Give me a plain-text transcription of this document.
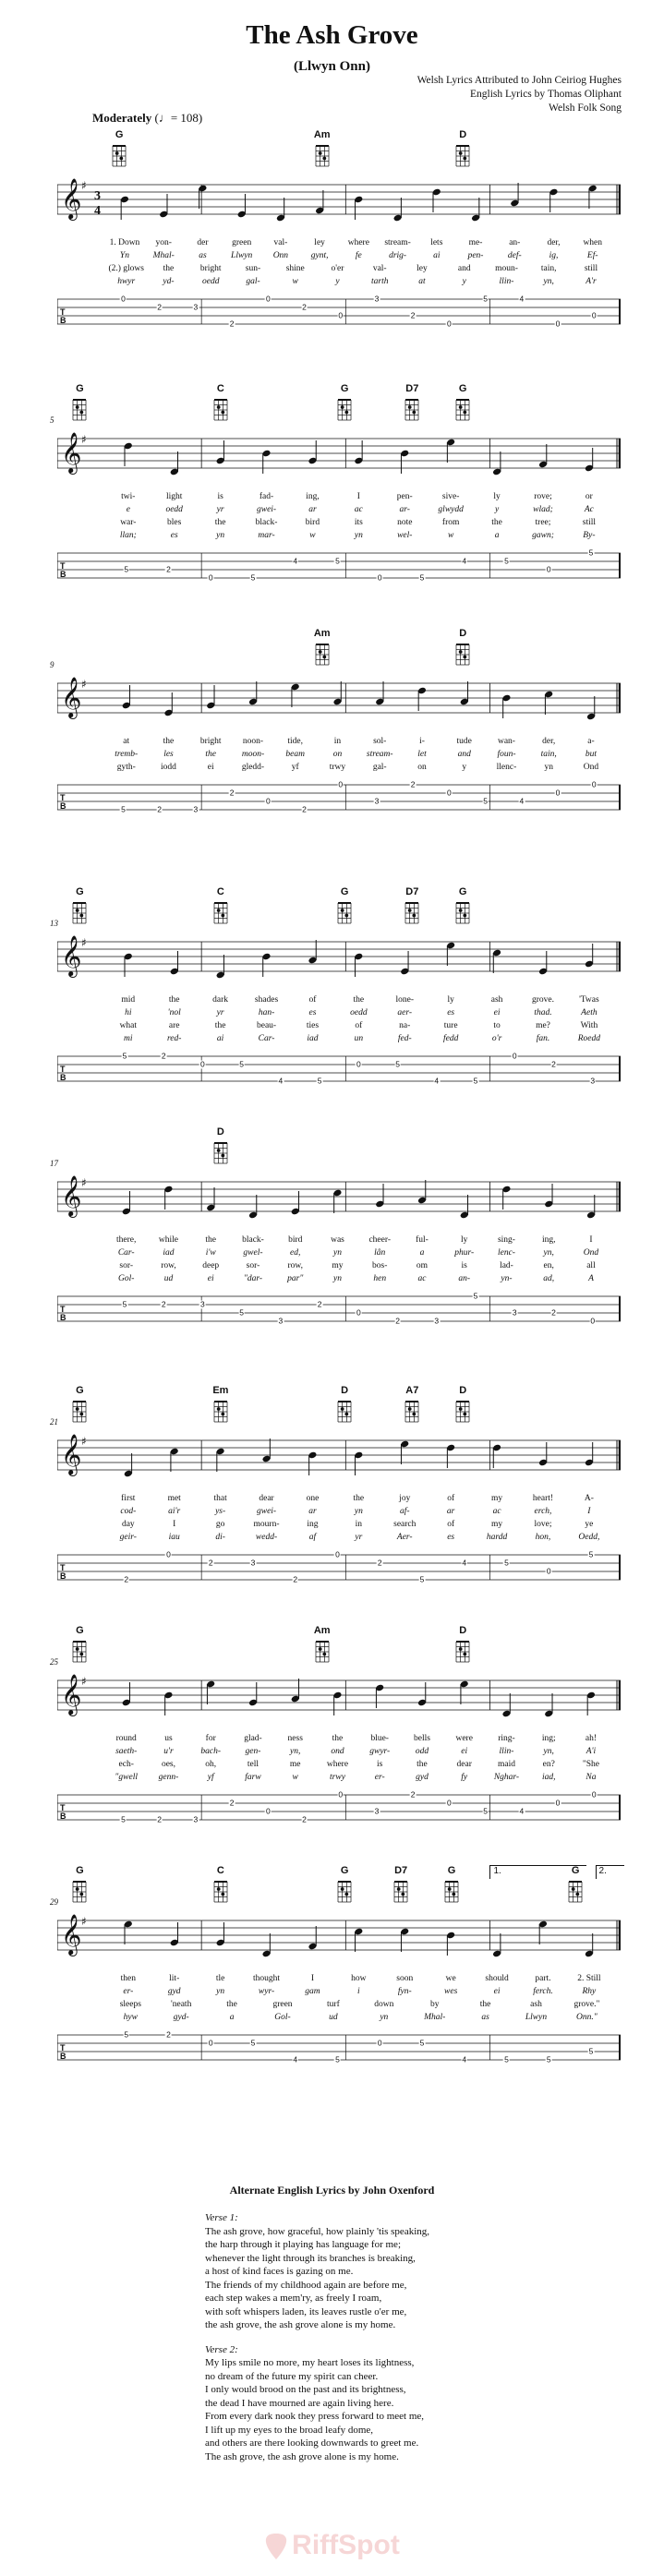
The Ash Grove
(Llwyn Onn)
Welsh Lyrics Attributed to John Ceiriog Hughes
English Lyrics by Thomas Oliphant
Welsh Folk Song
Moderately (♩= 108)
G	Am	D
𝄞 ♯
3
4
1. Down yon-	der	green	val-	ley	where stream- lets	me-	an-	der,	when
Yn	Mhal-	as	Llwyn Onn	gynt,	fe	drig-	ai	pen-	def-	ig,	Ef-
(2.) glows the	bright	sun-	shine	o'er	val-	ley	and	moun-	tain,	still
hwyr	yd-	oedd	gal-	w	y	tarth	at	y	llin-	yn,	A'r
T
B
0
2	3
2
0
2
0
3
2
0
5	4
0
0
5
G	C	G	D7	G
𝄞 ♯
twi-	light	is	fad-	ing,	I	pen-	sive-	ly	rove;	or
e	oedd	yr	gwei-	ar	ac	ar-	glwydd	y	wlad;	Ac
war-	bles	the	black-	bird	its	note	from	the	tree;	still
llan;	es	yn	mar-	w	yn	wel-	w	a	gawn;	By-
T
B
5	2
0	5
4	5
0	5
4	5
0
5
9
Am	D
𝄞 ♯
at	the	bright noon-	tide,	in	sol-	i-	tude	wan-	der,	a-
tremb-	les	the	moon- beam	on	stream-	let	and	foun-	tain,	but
gyth-	iodd	ei	gledd-	yf	trwy	gal-	on	y	llenc-	yn	Ond
T
B	5	2	3
2
0
2
0
3
2
0
5	4
0
0
13
G	C	G	D7	G
𝄞 ♯
mid	the	dark	shades	of	the	lone-	ly	ash	grove.	'Twas
hi	'nol	yr	han-	es	oedd	aer-	es	ei	thad.	Aeth
what	are	the	beau-	ties	of	na-	ture	to	me?	With
mi	red-	ai	Car-	iad	un	fed-	fedd	o'r	fan.	Roedd
T
B
5	2
0	5
4	5
0	5
4	5
0
2
3
17
D
𝄞 ♯
there,	while	the	black-	bird	was	cheer-	ful-	ly	sing-	ing,	I
Car-	iad	i'w	gwel-	ed,	yn	lân	a	phur-	lenc-	yn,	Ond
sor-	row,	deep	sor-	row,	my	bos-	om	is	lad-	en,	all
Gol-	ud	ei	"dar-	par"	yn	hen	ac	an-	yn-	ad,	A
T
B
5	2	3
5
3
2
0
2	3
5
3	2
0
21
G	Em	D	A7	D
𝄞 ♯
first	met	that	dear	one	the	joy	of	my	heart!	A-
cod-	ai'r	ys-	gwei-	ar	yn	af-	ar	ac	erch,	I
day	I	go	mourn-	ing	in	search	of	my	love;	ye
geir-	iau	di-	wedd-	af	yr	Aer-	es	hardd	hon,	Oedd,
T
B	2
0
2	3
2
0
2
5
4	5
0
5
25
G	Am	D
𝄞 ♯
round	us	for	glad-	ness	the	blue-	bells	were	ring-	ing;	ah!
saeth-	u'r	bach-	gen-	yn,	ond	gwyr-	odd	ei	llin-	yn,	A'i
ech-	oes,	oh,	tell	me	where	is	the	dear	maid	en?	"She
"gwell genn-	yf	farw	w	trwy	er-	gyd	fy	Nghar-	iad,	Na
T
B	5	2	3
2
0
2
0
3
2
0
5	4
0
0
29
G	C	G	D7	G	G
1.	2.
𝄞 ♯
then	lit-	tle	thought	I	how	soon	we	should	part.	2. Still
er-	gyd	yn	wyr-	gam	i	fyn-	wes	ei	ferch.	Rhy
sleeps	'neath	the	green	turf	down	by	the	ash	grove."
hyw	gyd-	a	Gol-	ud	yn	Mhal-	as	Llwyn	Onn."
T
B
5	2
0	5
4	5
0	5
4	5	5
5
Alternate English Lyrics by John Oxenford
Verse 1:
The ash grove, how graceful, how plainly 'tis speaking,
the harp through it playing has language for me;
whenever the light through its branches is breaking,
a host of kind faces is gazing on me.
The friends of my childhood again are before me,
each step wakes a mem'ry, as freely I roam,
with soft whispers laden, its leaves rustle o'er me,
the ash grove, the ash grove alone is my home.
Verse 2:
My lips smile no more, my heart loses its lightness,
no dream of the future my spirit can cheer.
I only would brood on the past and its brightness,
the dead I have mourned are again living here.
From every dark nook they press forward to meet me,
I lift up my eyes to the broad leafy dome,
and others are there looking downwards to greet me.
The ash grove, the ash grove alone is my home.
RiffSpot
